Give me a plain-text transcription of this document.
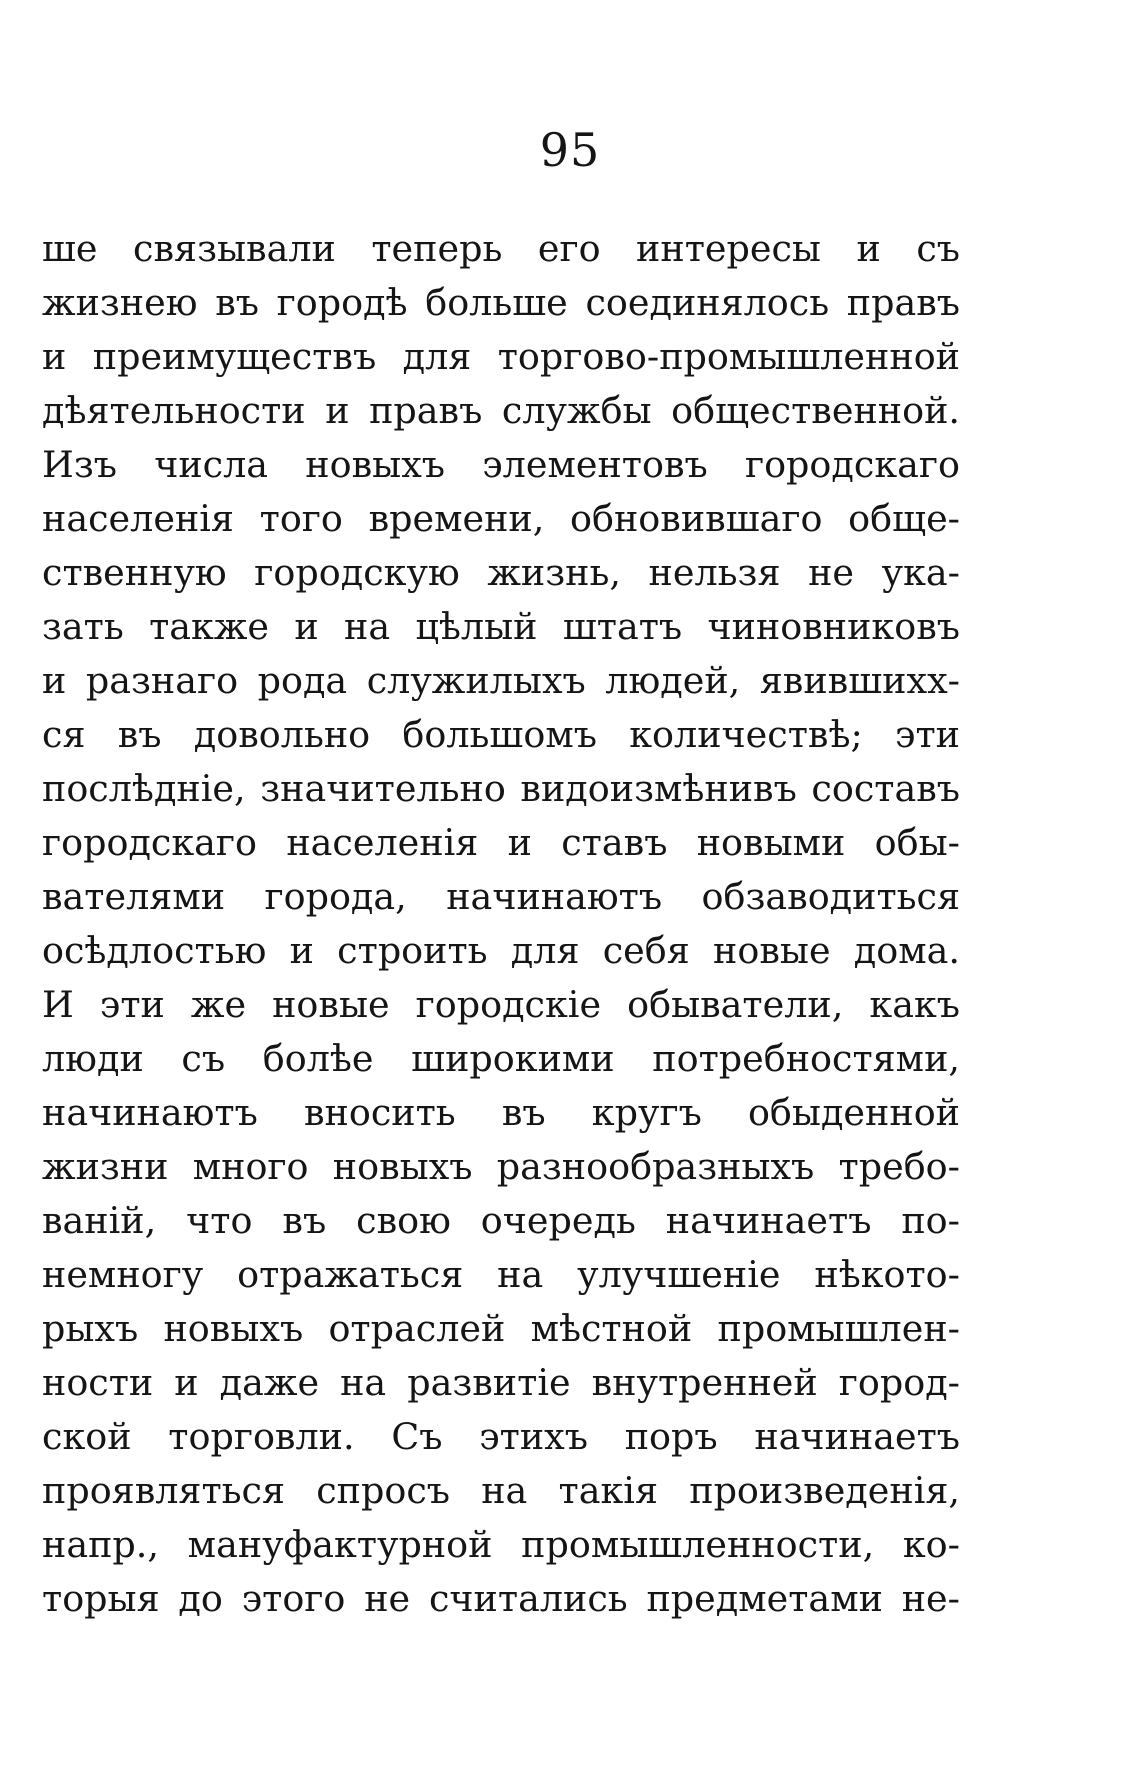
95
ше связывали теперь его интересы и съ
жизнею въ городѣ больше соединялось правъ
и преимуществъ для торгово-промышленной
дѣятельности и правъ службы общественной.
Изъ числа новыхъ элементовъ городскаго
населенія того времени, обновившаго обще-
ственную городскую жизнь, нельзя не ука-
зать также и на цѣлый штатъ чиновниковъ
и разнаго рода служилыхъ людей, явившихх-
ся въ довольно большомъ количествѣ; эти
послѣдніе, значительно видоизмѣнивъ составъ
городскаго населенія и ставъ новыми обы-
вателями города, начинаютъ обзаводиться
осѣдлостью и строить для себя новые дома.
И эти же новые городскіе обыватели, какъ
люди съ болѣе широкими потребностями,
начинаютъ вносить въ кругъ обыденной
жизни много новыхъ разнообразныхъ требо-
ваній, что въ свою очередь начинаетъ по-
немногу отражаться на улучшеніе нѣкото-
рыхъ новыхъ отраслей мѣстной промышлен-
ности и даже на развитіе внутренней город-
ской торговли. Съ этихъ поръ начинаетъ
проявляться спросъ на такія произведенія,
напр., мануфактурной промышленности, ко-
торыя до этого не считались предметами не-
